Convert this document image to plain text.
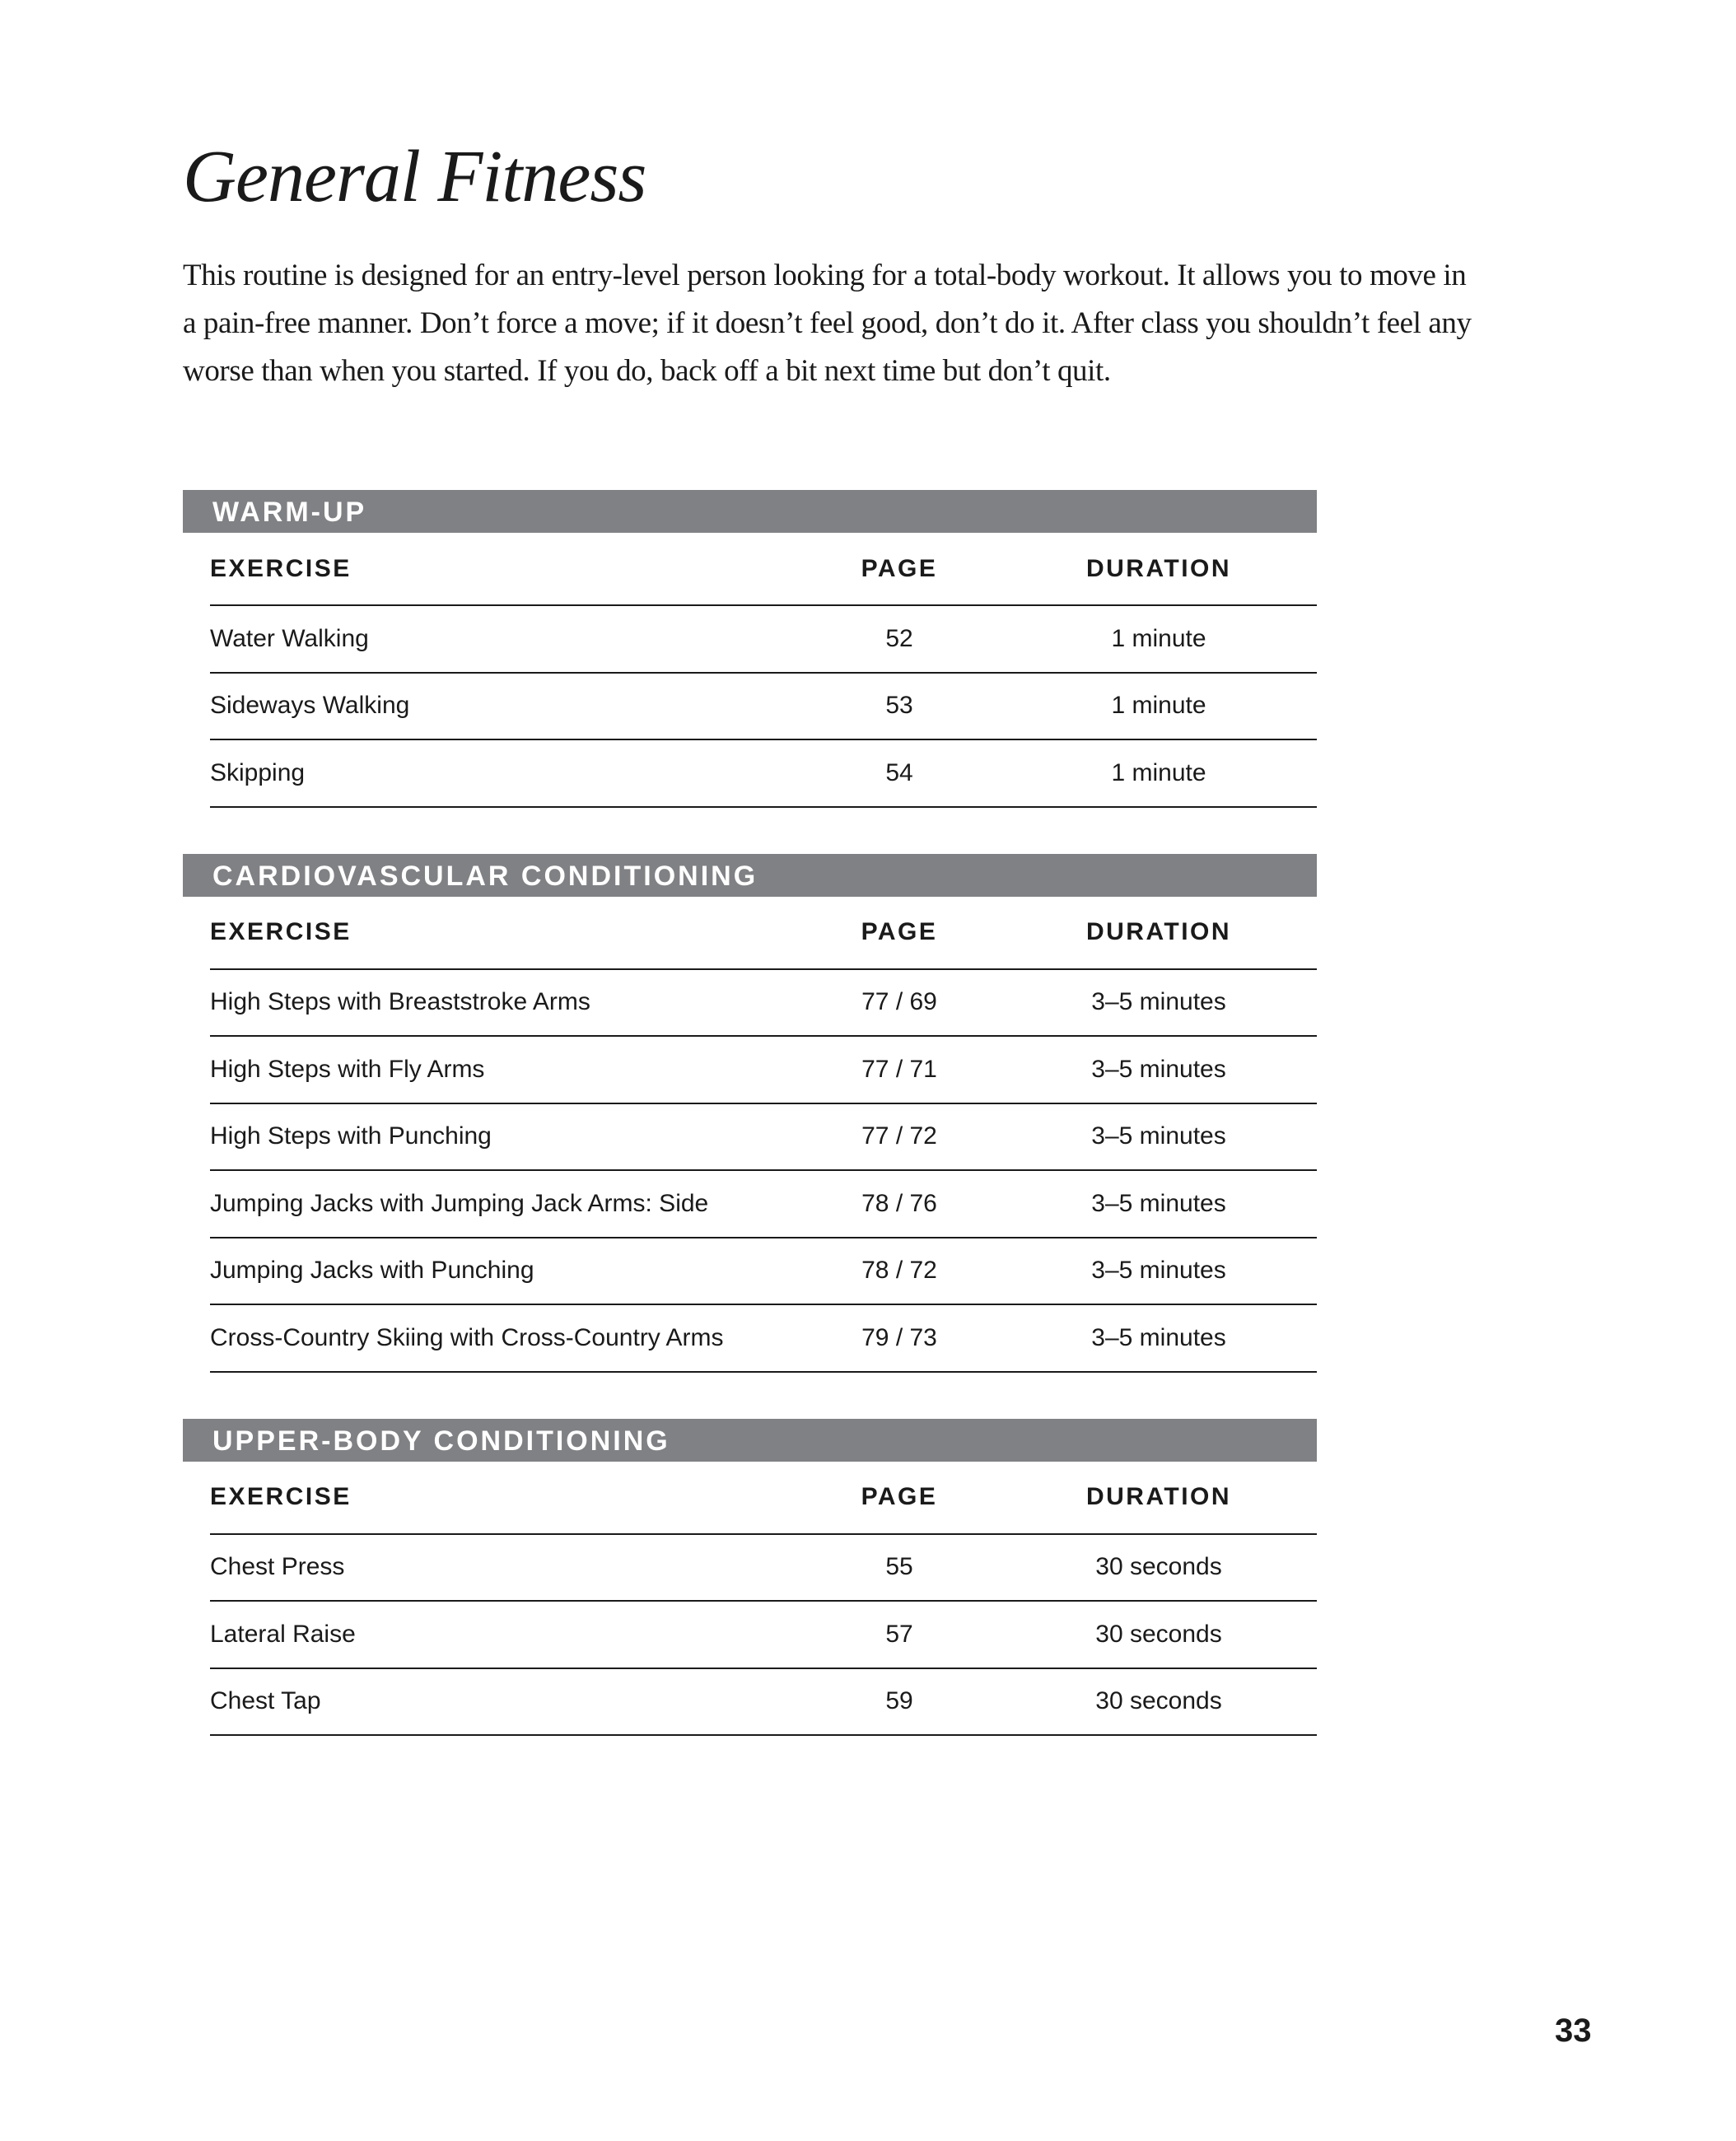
General Fitness
This routine is designed for an entry-level person looking for a total-body workout. It allows you to move in
a pain-free manner. Don’t force a move; if it doesn’t feel good, don’t do it. After class you shouldn’t feel any
worse than when you started. If you do, back off a bit next time but don’t quit.
WARM-UP
EXERCISE	PAGE	DURATION
Water Walking	52	1 minute
Sideways Walking	53	1 minute
Skipping	54	1 minute
CARDIOVASCULAR CONDITIONING
EXERCISE	PAGE	DURATION
High Steps with Breaststroke Arms	77 / 69	3–5 minutes
High Steps with Fly Arms	77 / 71	3–5 minutes
High Steps with Punching	77 / 72	3–5 minutes
Jumping Jacks with Jumping Jack Arms: Side	78 / 76	3–5 minutes
Jumping Jacks with Punching	78 / 72	3–5 minutes
Cross-Country Skiing with Cross-Country Arms	79 / 73	3–5 minutes
UPPER-BODY CONDITIONING
EXERCISE	PAGE	DURATION
Chest Press	55	30 seconds
Lateral Raise	57	30 seconds
Chest Tap	59	30 seconds
33
